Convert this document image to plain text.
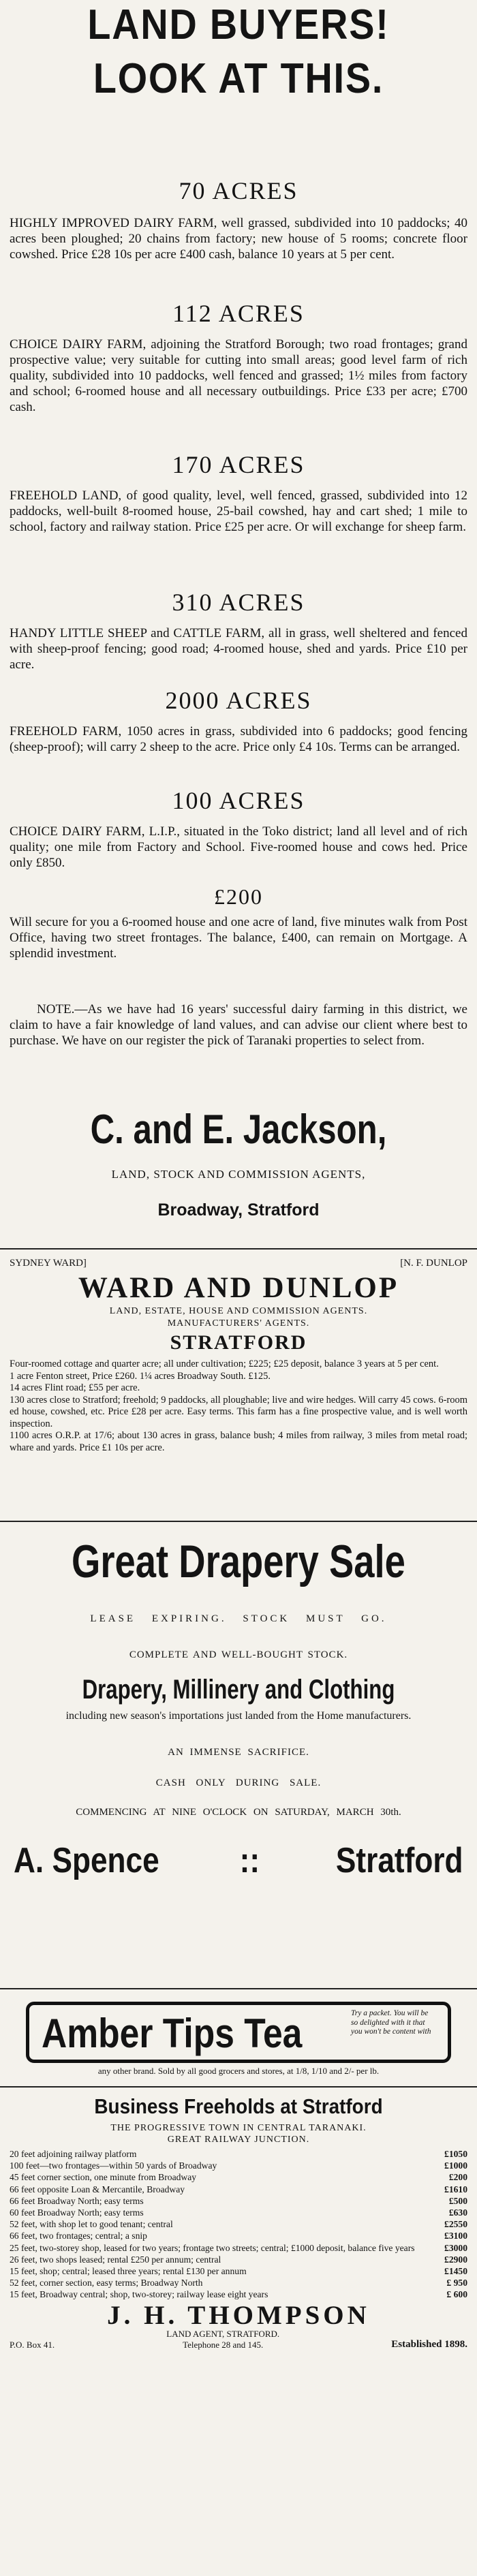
LAND BUYERS!
LOOK AT THIS.
70 ACRES

HIGHLY IMPROVED DAIRY FARM, well grassed, subdivided into 10 paddocks; 40 acres been ploughed; 20 chains from factory; new house of 5 rooms; concrete floor cowshed. Price £28 10s per acre £400 cash, balance 10 years at 5 per cent.

112 ACRES

CHOICE DAIRY FARM, adjoining the Stratford Borough; two road frontages; grand prospective value; very suitable for cutting into small areas; good level farm of rich quality, subdivided into 10 paddocks, well fenced and grassed; 1½ miles from factory and school; 6-roomed house and all necessary outbuildings. Price £33 per acre; £700 cash.

170 ACRES

FREEHOLD LAND, of good quality, level, well fenced, grassed, subdivided into 12 paddocks, well-built 8-roomed house, 25-bail cowshed, hay and cart shed; 1 mile to school, factory and railway station. Price £25 per acre. Or will exchange for sheep farm.

310 ACRES

HANDY LITTLE SHEEP and CATTLE FARM, all in grass, well sheltered and fenced with sheep-proof fencing; good road; 4-roomed house, shed and yards. Price £10 per acre.

2000 ACRES

FREEHOLD FARM, 1050 acres in grass, subdivided into 6 paddocks; good fencing (sheep-proof); will carry 2 sheep to the acre. Price only £4 10s. Terms can be arranged.

100 ACRES

CHOICE DAIRY FARM, L.I.P., situated in the Toko district; land all level and of rich quality; one mile from Factory and School. Five-roomed house and cows hed. Price only £850.

£200

Will secure for you a 6-roomed house and one acre of land, five minutes walk from Post Office, having two street frontages. The balance, £400, can remain on Mortgage. A splendid investment.

NOTE.—As we have had 16 years' successful dairy farming in this district, we claim to have a fair knowledge of land values, and can advise our client where best to purchase. We have on our register the pick of Taranaki properties to select from.

C. and E. Jackson,
LAND, STOCK AND COMMISSION AGENTS,
Broadway, Stratford
SYDNEY WARD]	[N. F. DUNLOP
WARD AND DUNLOP
LAND, ESTATE, HOUSE AND COMMISSION AGENTS.
MANUFACTURERS' AGENTS.
STRATFORD
Four-roomed cottage and quarter acre; all under cultivation; £225; £25 deposit, balance 3 years at 5 per cent.
1 acre Fenton street, Price £260. 1¼ acres Broadway South. £125.
14 acres Flint road; £55 per acre.
130 acres close to Stratford; freehold; 9 paddocks, all ploughable; live and wire hedges. Will carry 45 cows. 6-room ed house, cowshed, etc. Price £28 per acre. Easy terms. This farm has a fine prospective value, and is well worth inspection.
1100 acres O.R.P. at 17/6; about 130 acres in grass, balance bush; 4 miles from railway, 3 miles from metal road; whare and yards. Price £1 10s per acre.
Great Drapery Sale
LEASE EXPIRING. STOCK MUST GO.
COMPLETE AND WELL-BOUGHT STOCK.
Drapery, Millinery and Clothing
including new season's importations just landed from the Home manufacturers.
AN IMMENSE SACRIFICE.
CASH ONLY DURING SALE.
COMMENCING AT NINE O'CLOCK ON SATURDAY, MARCH 30th.
A. Spence :: Stratford
Amber Tips Tea	Try a packet. You will be so delighted with it that you won't be content with
any other brand. Sold by all good grocers and stores, at 1/8, 1/10 and 2/- per lb.
Business Freeholds at Stratford
THE PROGRESSIVE TOWN IN CENTRAL TARANAKI.
GREAT RAILWAY JUNCTION.
20 feet adjoining railway platform	£1050
100 feet—two frontages—within 50 yards of Broadway	£1000
45 feet corner section, one minute from Broadway	£200
66 feet opposite Loan & Mercantile, Broadway	£1610
66 feet Broadway North; easy terms	£500
60 feet Broadway North; easy terms	£630
52 feet, with shop let to good tenant; central	£2550
66 feet, two frontages; central; a snip	£3100
25 feet, two-storey shop, leased for two years; frontage two streets; central; £1000 deposit, balance five years	£3000
26 feet, two shops leased; rental £250 per annum; central	£2900
15 feet, shop; central; leased three years; rental £130 per annum	£1450
52 feet, corner section, easy terms; Broadway North	£ 950
15 feet, Broadway central; shop, two-storey; railway lease eight years	£ 600
J. H. THOMPSON
P.O. Box 41.
LAND AGENT, STRATFORD.
Telephone 28 and 145.	Established 1898.
